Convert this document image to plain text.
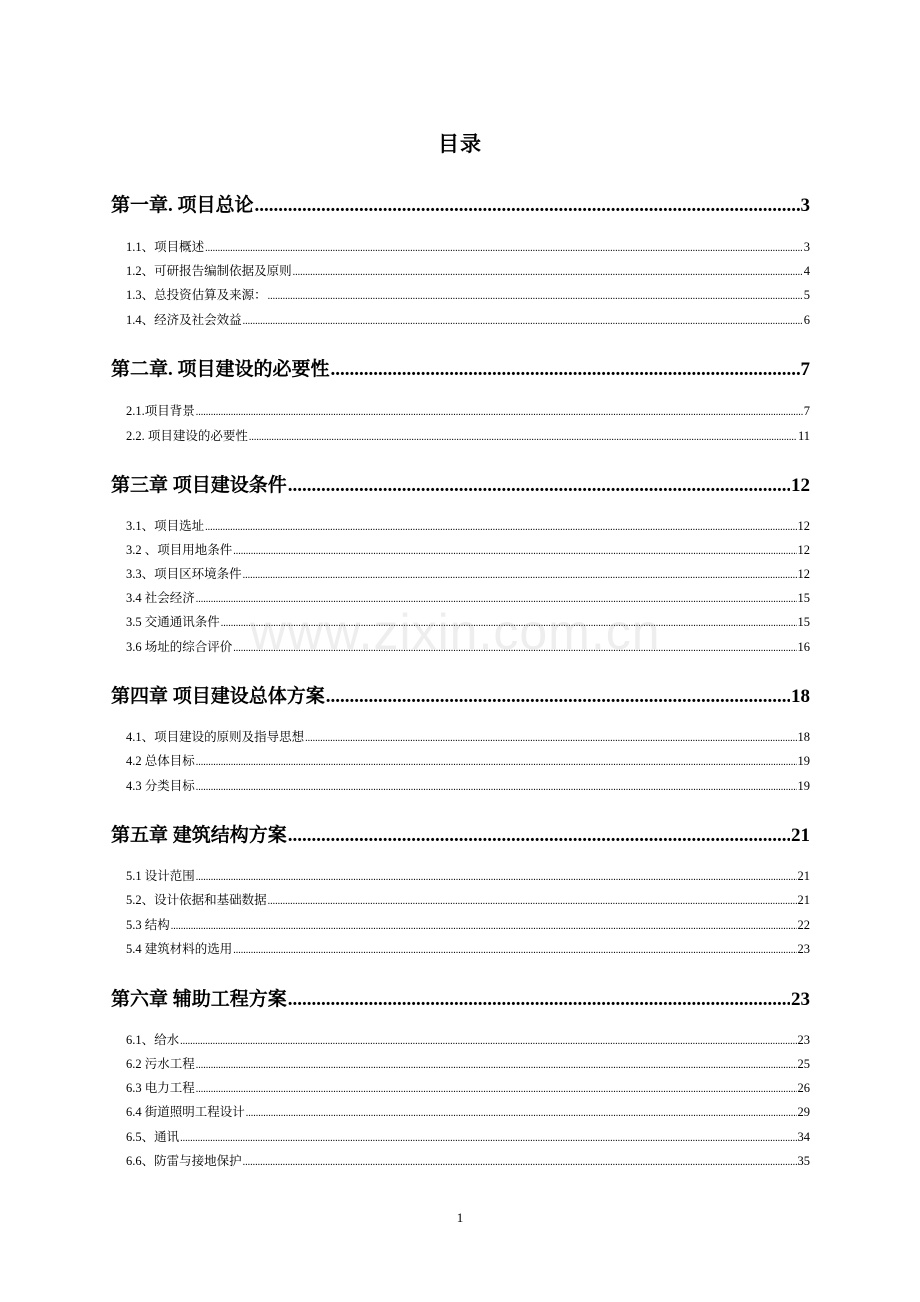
目录
第一章. 项目总论 .....	3
1.1、项目概述 .....	3
1.2、可研报告编制依据及原则 .....	4
1.3、总投资估算及来源： .....	5
1.4、经济及社会效益 .....	6
第二章. 项目建设的必要性 .....	7
2.1.项目背景 .....	7
2.2. 项目建设的必要性 .....	11
第三章 项目建设条件 .....	12
3.1、项目选址 .....	12
3.2 、项目用地条件 .....	12
3.3、项目区环境条件 .....	12
3.4 社会经济 .....	15
3.5 交通通讯条件 .....	15
3.6 场址的综合评价 .....	16
第四章 项目建设总体方案 .....	18
4.1、项目建设的原则及指导思想 .....	18
4.2 总体目标 .....	19
4.3 分类目标 .....	19
第五章 建筑结构方案 .....	21
5.1 设计范围 .....	21
5.2、设计依据和基础数据 .....	21
5.3 结构 .....	22
5.4 建筑材料的选用 .....	23
第六章 辅助工程方案 .....	23
6.1、给水 .....	23
6.2 污水工程 .....	25
6.3 电力工程 .....	26
6.4 街道照明工程设计 .....	29
6.5、通讯 .....	34
6.6、防雷与接地保护 .....	35
www.zixin.com.cn
1
